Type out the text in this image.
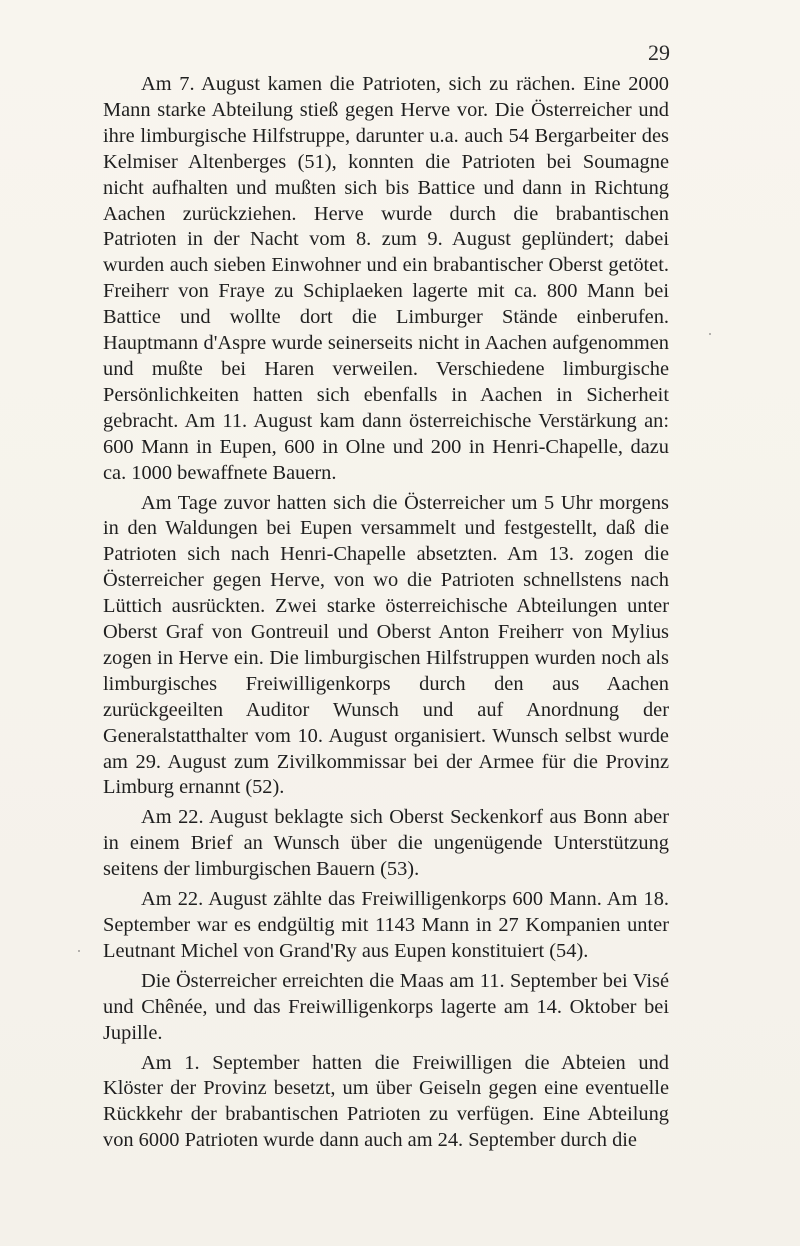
29

Am 7. August kamen die Patrioten, sich zu rächen. Eine 2000 Mann starke Abteilung stieß gegen Herve vor. Die Österreicher und ihre limburgische Hilfstruppe, darunter u.a. auch 54 Bergarbeiter des Kelmiser Altenberges (51), konnten die Patrioten bei Soumagne nicht aufhalten und mußten sich bis Battice und dann in Richtung Aachen zurückziehen. Herve wurde durch die brabantischen Patrioten in der Nacht vom 8. zum 9. August geplündert; dabei wurden auch sieben Einwohner und ein brabantischer Oberst getötet. Freiherr von Fraye zu Schiplaeken lagerte mit ca. 800 Mann bei Battice und wollte dort die Limburger Stände einberufen. Hauptmann d'Aspre wurde seinerseits nicht in Aachen aufgenommen und mußte bei Haren verweilen. Verschiedene limburgische Persönlichkeiten hatten sich ebenfalls in Aachen in Sicherheit gebracht. Am 11. August kam dann österreichische Verstärkung an: 600 Mann in Eupen, 600 in Olne und 200 in Henri-Chapelle, dazu ca. 1000 bewaffnete Bauern.

Am Tage zuvor hatten sich die Österreicher um 5 Uhr morgens in den Waldungen bei Eupen versammelt und festgestellt, daß die Patrioten sich nach Henri-Chapelle absetzten. Am 13. zogen die Österreicher gegen Herve, von wo die Patrioten schnellstens nach Lüttich ausrückten. Zwei starke österreichische Abteilungen unter Oberst Graf von Gontreuil und Oberst Anton Freiherr von Mylius zogen in Herve ein. Die limburgischen Hilfstruppen wurden noch als limburgisches Freiwilligenkorps durch den aus Aachen zurückgeeilten Auditor Wunsch und auf Anordnung der Generalstatthalter vom 10. August organisiert. Wunsch selbst wurde am 29. August zum Zivilkommissar bei der Armee für die Provinz Limburg ernannt (52).

Am 22. August beklagte sich Oberst Seckenkorf aus Bonn aber in einem Brief an Wunsch über die ungenügende Unterstützung seitens der limburgischen Bauern (53).

Am 22. August zählte das Freiwilligenkorps 600 Mann. Am 18. September war es endgültig mit 1143 Mann in 27 Kompanien unter Leutnant Michel von Grand'Ry aus Eupen konstituiert (54).

Die Österreicher erreichten die Maas am 11. September bei Visé und Chênée, und das Freiwilligenkorps lagerte am 14. Oktober bei Jupille.

Am 1. September hatten die Freiwilligen die Abteien und Klöster der Provinz besetzt, um über Geiseln gegen eine eventuelle Rückkehr der brabantischen Patrioten zu verfügen. Eine Abteilung von 6000 Patrioten wurde dann auch am 24. September durch die
